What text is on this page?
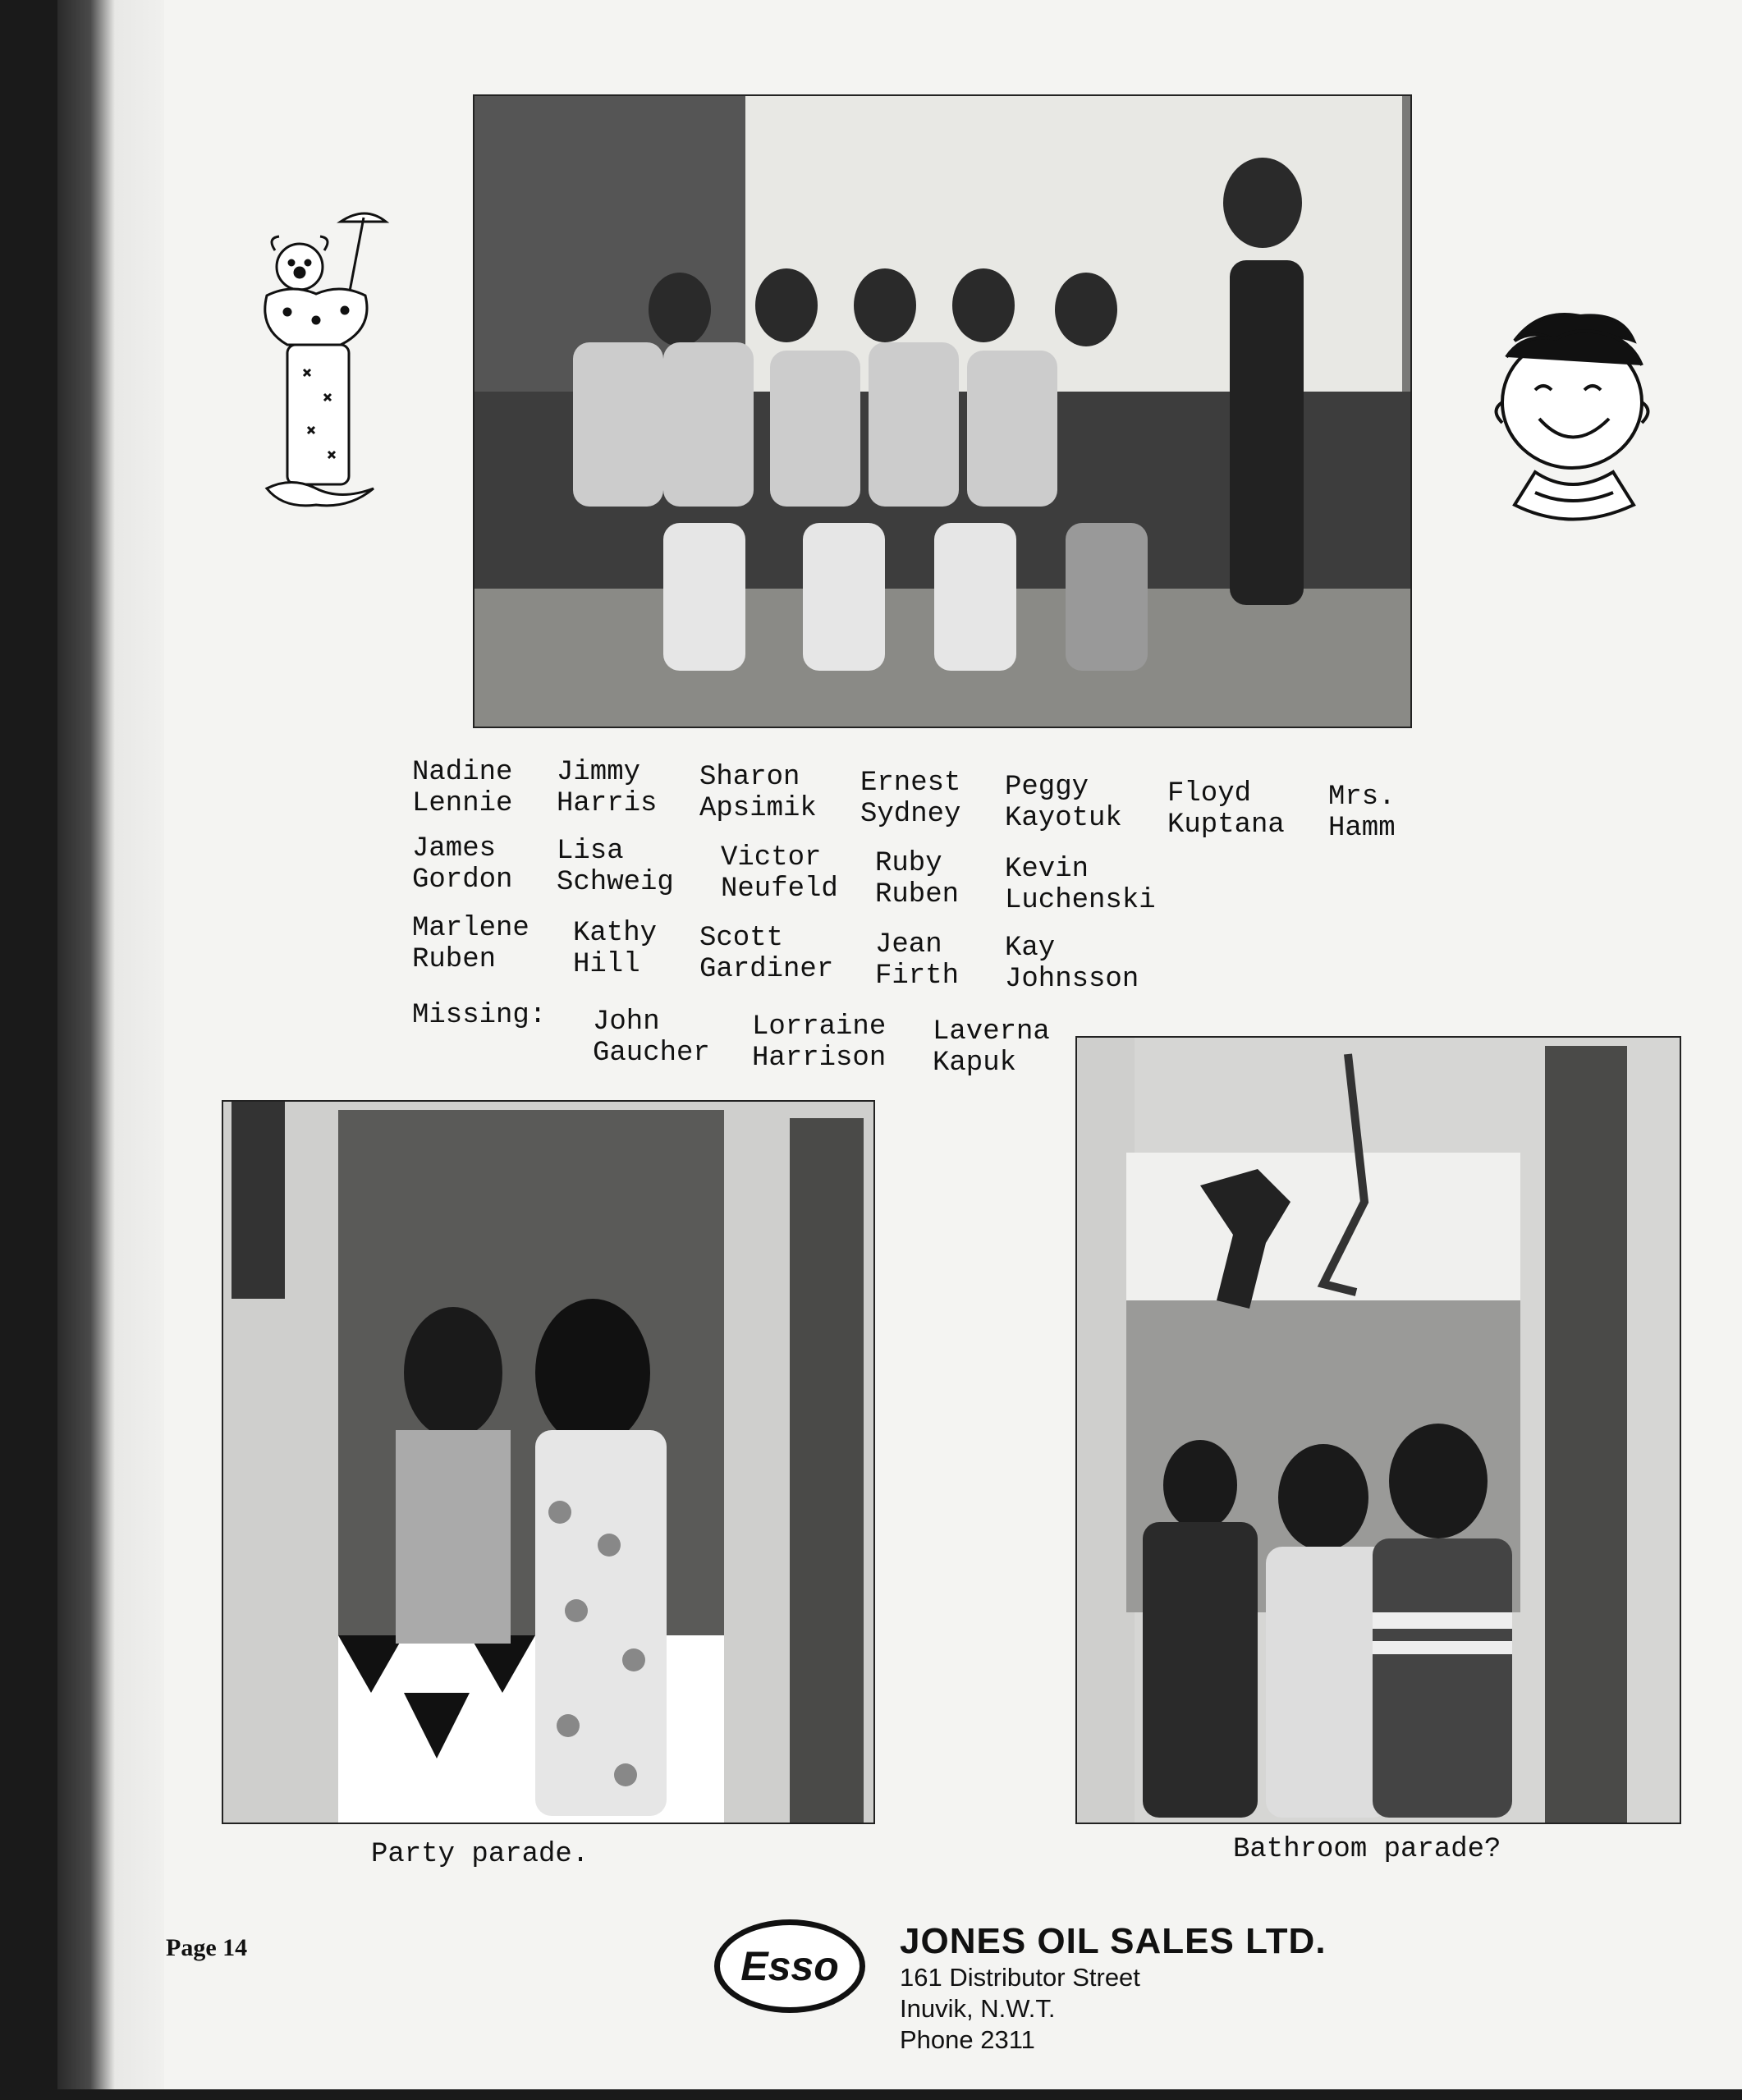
Nadine
Lennie

Jimmy
Harris

Sharon
Apsimik

Ernest
Sydney

Peggy
Kayotuk

Floyd
Kuptana

Mrs.
Hamm

James
Gordon

Lisa
Schweig

Victor
Neufeld

Ruby
Ruben

Kevin
Luchenski

Marlene
Ruben

Kathy
Hill

Scott
Gardiner

Jean
Firth

Kay
Johnsson

Missing:

John
Gaucher

Lorraine
Harrison

Laverna
Kapuk

Party parade.	Bathroom parade?
Page 14	Esso
JONES OIL SALES LTD.
161 Distributor Street
Inuvik, N.W.T.
Phone 2311
